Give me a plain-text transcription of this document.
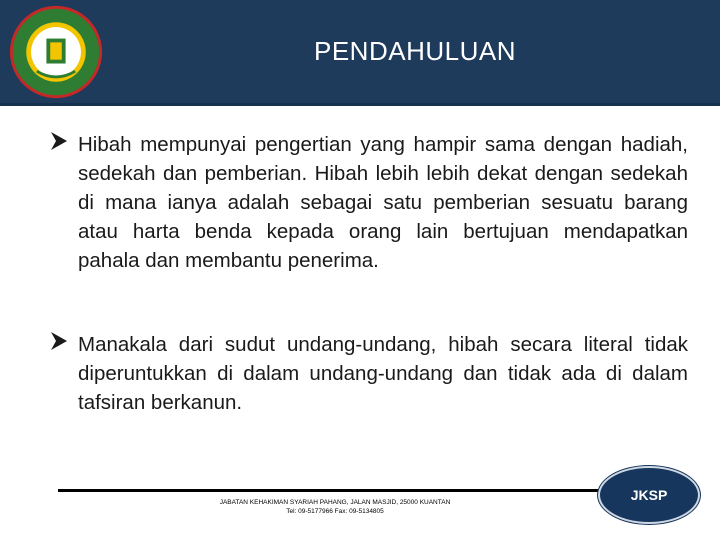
PENDAHULUAN
Hibah mempunyai pengertian yang hampir sama dengan hadiah, sedekah dan pemberian. Hibah lebih lebih dekat dengan sedekah di mana ianya adalah sebagai satu pemberian sesuatu barang atau harta benda kepada orang lain bertujuan mendapatkan pahala dan membantu penerima.
Manakala dari sudut undang-undang, hibah secara literal tidak diperuntukkan di dalam undang-undang dan tidak ada di dalam tafsiran berkanun.
JABATAN KEHAKIMAN SYARIAH PAHANG, JALAN MASJID, 25000 KUANTAN
Tel: 09-5177966 Fax: 09-5134805
JKSP
